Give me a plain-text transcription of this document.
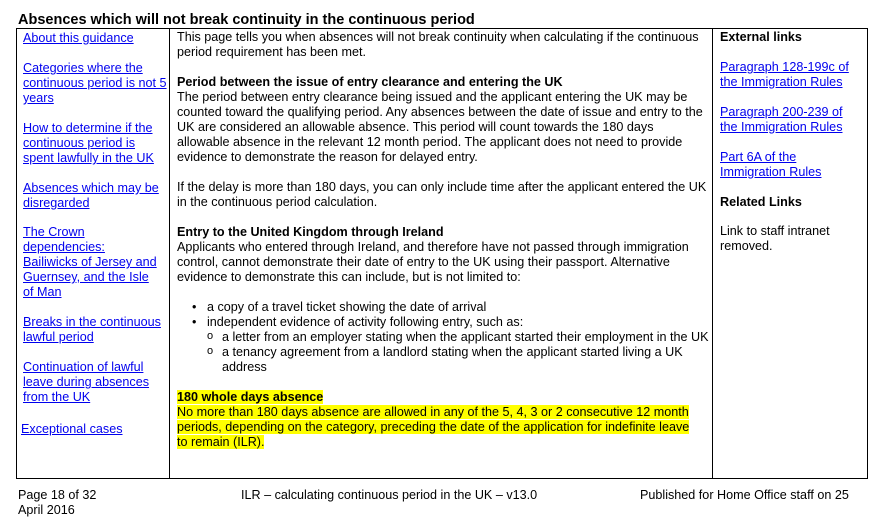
Absences which will not break continuity in the continuous period
About this guidance
Categories where the continuous period is not 5 years
How to determine if the continuous period is spent lawfully in the UK
Absences which may be disregarded
The Crown dependencies: Bailiwicks of Jersey and Guernsey, and the Isle of Man
Breaks in the continuous lawful period
Continuation of lawful leave during absences from the UK
Exceptional cases

This page tells you when absences will not break continuity when calculating if the continuous period requirement has been met.

Period between the issue of entry clearance and entering the UK

The period between entry clearance being issued and the applicant entering the UK may be counted toward the qualifying period. Any absences between the date of issue and entry to the UK are considered an allowable absence. This period will count towards the 180 days allowable absence in the relevant 12 month period. The applicant does not need to provide evidence to demonstrate the reason for delayed entry.

If the delay is more than 180 days, you can only include time after the applicant entered the UK in the continuous period calculation.

Entry to the United Kingdom through Ireland

Applicants who entered through Ireland, and therefore have not passed through immigration control, cannot demonstrate their date of entry to the UK using their passport. Alternative evidence to demonstrate this can include, but is not limited to:

• a copy of a travel ticket showing the date of arrival
• independent evidence of activity following entry, such as:
o a letter from an employer stating when the applicant started their employment in the UK
o a tenancy agreement from a landlord stating when the applicant started living a UK address

180 whole days absence

No more than 180 days absence are allowed in any of the 5, 4, 3 or 2 consecutive 12 month
periods, depending on the category, preceding the date of the application for indefinite leave
to remain (ILR).

External links

Paragraph 128-199c of the Immigration Rules
Paragraph 200-239 of the Immigration Rules
Part 6A of the Immigration Rules

Related Links

Link to staff intranet removed.

Page 18 of 32
April 2016
ILR – calculating continuous period in the UK – v13.0	Published for Home Office staff on 25
